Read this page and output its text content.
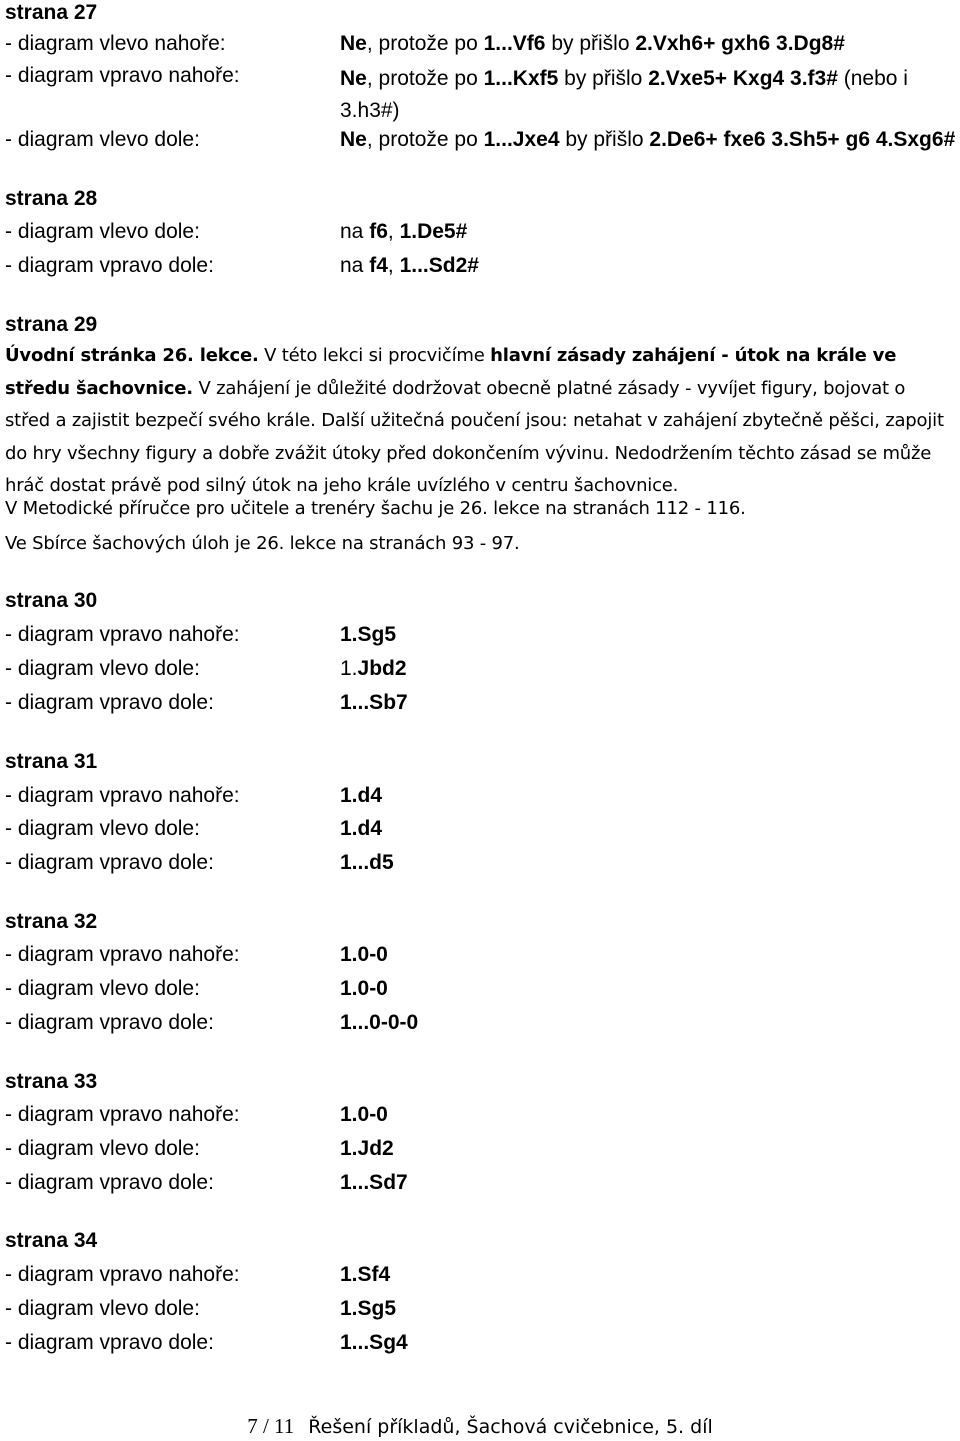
strana 27
- diagram vlevo nahoře:	Ne, protože po 1...Vf6 by přišlo 2.Vxh6+ gxh6 3.Dg8#
- diagram vpravo nahoře:	Ne, protože po 1...Kxf5 by přišlo 2.Vxe5+ Kxg4 3.f3# (nebo i 3.h3#)
- diagram vlevo dole:	Ne, protože po 1...Jxe4 by přišlo 2.De6+ fxe6 3.Sh5+ g6 4.Sxg6#
strana 28
- diagram vlevo dole:	na f6, 1.De5#
- diagram vpravo dole:	na f4, 1...Sd2#
strana 29
Úvodní stránka 26. lekce. V této lekci si procvičíme hlavní zásady zahájení - útok na krále ve středu šachovnice. V zahájení je důležité dodržovat obecně platné zásady - vyvíjet figury, bojovat o střed a zajistit bezpečí svého krále. Další užitečná poučení jsou: netahat v zahájení zbytečně pěšci, zapojit do hry všechny figury a dobře zvážit útoky před dokončením vývinu. Nedodržením těchto zásad se může hráč dostat právě pod silný útok na jeho krále uvízlého v centru šachovnice.
V Metodické příručce pro učitele a trenéry šachu je 26. lekce na stranách 112 - 116.
Ve Sbírce šachových úloh je 26. lekce na stranách 93 - 97.
strana 30
- diagram vpravo nahoře:	1.Sg5
- diagram vlevo dole:	1.Jbd2
- diagram vpravo dole:	1...Sb7
strana 31
- diagram vpravo nahoře:	1.d4
- diagram vlevo dole:	1.d4
- diagram vpravo dole:	1...d5
strana 32
- diagram vpravo nahoře:	1.0-0
- diagram vlevo dole:	1.0-0
- diagram vpravo dole:	1...0-0-0
strana 33
- diagram vpravo nahoře:	1.0-0
- diagram vlevo dole:	1.Jd2
- diagram vpravo dole:	1...Sd7
strana 34
- diagram vpravo nahoře:	1.Sf4
- diagram vlevo dole:	1.Sg5
- diagram vpravo dole:	1...Sg4
7 / 11 Řešení příkladů, Šachová cvičebnice, 5. díl
